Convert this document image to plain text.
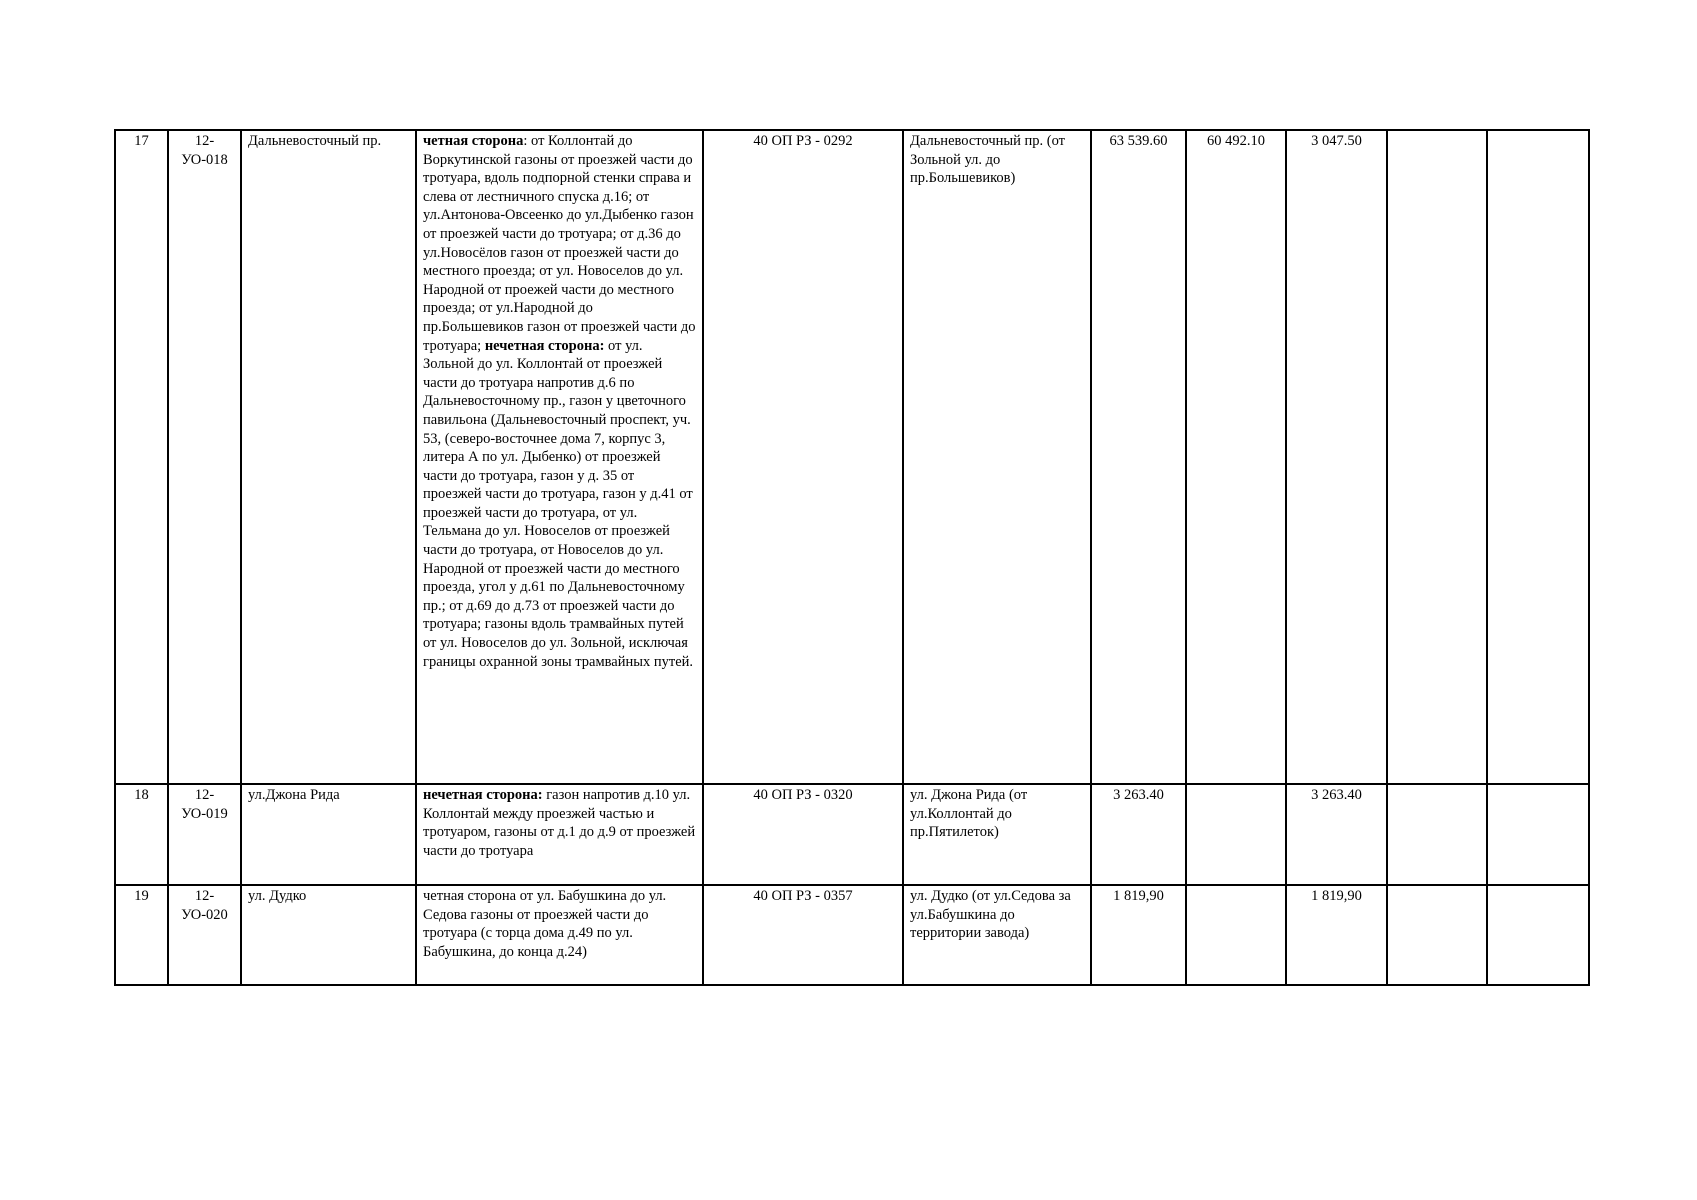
17	12-УО-018	Дальневосточный пр.	четная сторона: от Коллонтай до Воркутинской газоны от проезжей части до тротуара, вдоль подпорной стенки справа и слева от лестничного спуска д.16; от ул.Антонова-Овсеенко до ул.Дыбенко газон от проезжей части до тротуара; от д.36 до ул.Новосёлов газон от проезжей части до местного проезда; от ул. Новоселов до ул. Народной от проежей части до местного проезда; от ул.Народной до пр.Большевиков газон от проезжей части до тротуара; нечетная сторона: от ул. Зольной до ул. Коллонтай от проезжей части до тротуара напротив д.6 по Дальневосточному пр., газон у цветочного павильона (Дальневосточный проспект, уч. 53, (северо-восточнее дома 7, корпус 3, литера А по ул. Дыбенко) от проезжей части до тротуара, газон у д. 35 от проезжей части до тротуара, газон у д.41 от проезжей части до тротуара, от ул. Тельмана до ул. Новоселов от проезжей части до тротуара, от Новоселов до ул. Народной от проезжей части до местного проезда, угол у д.61 по Дальневосточному пр.; от д.69 до д.73 от проезжей части до тротуара; газоны вдоль трамвайных путей от ул. Новоселов до ул. Зольной, исключая границы охранной зоны трамвайных путей.	40 ОП РЗ - 0292	Дальневосточный пр. (от Зольной ул. до пр.Большевиков)	63 539.60	60 492.10	3 047.50		
18	12-УО-019	ул.Джона Рида	нечетная сторона: газон напротив д.10 ул. Коллонтай между проезжей частью и тротуаром, газоны от д.1 до д.9 от проезжей части до тротуара	40 ОП РЗ - 0320	ул. Джона Рида (от ул.Коллонтай до пр.Пятилеток)	3 263.40		3 263.40		
19	12-УО-020	ул. Дудко	четная сторона от ул. Бабушкина до ул. Седова газоны от проезжей части до тротуара (с торца дома д.49 по ул. Бабушкина, до конца д.24)	40 ОП РЗ - 0357	ул. Дудко (от ул.Седова за ул.Бабушкина до территории завода)	1 819,90		1 819,90		
